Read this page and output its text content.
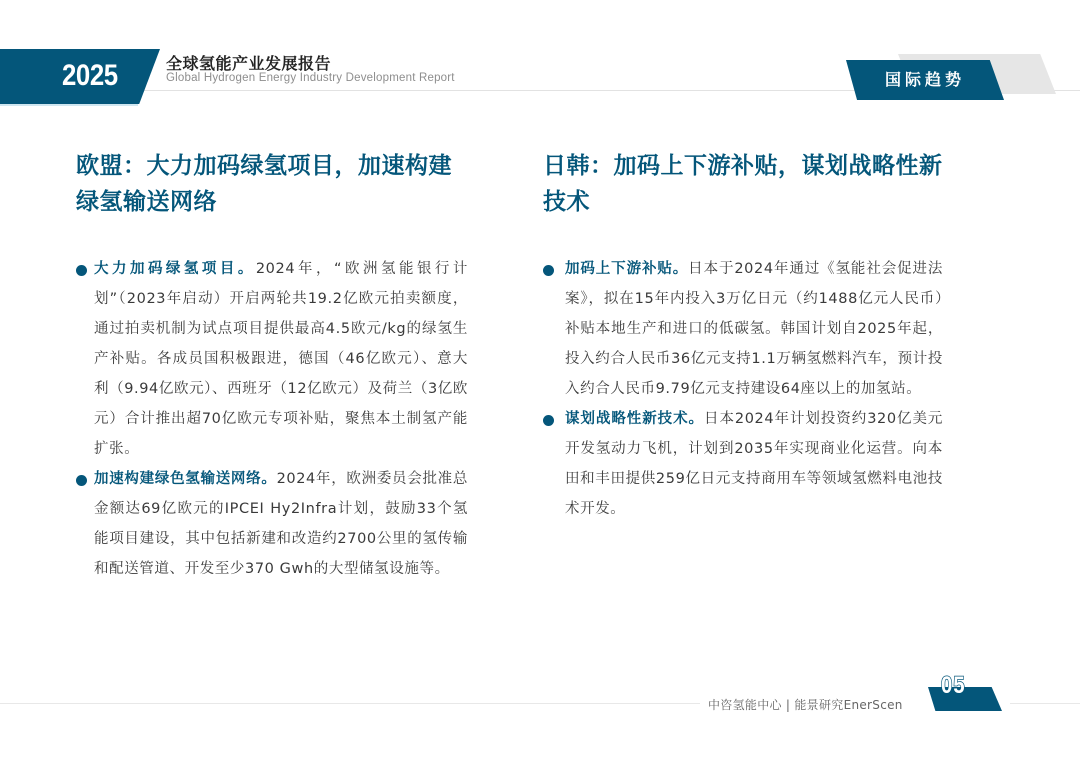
2025	全球氢能产业发展报告
Global Hydrogen Energy Industry Development Report	国际趋势
欧盟：大力加码绿氢项目，加速构建
绿氢输送网络
大力加码绿氢项目。2024年，“欧洲氢能银行计划”（2023年启动）开启两轮共19.2亿欧元拍卖额度，通过拍卖机制为试点项目提供最高4.5欧元/kg的绿氢生产补贴。各成员国积极跟进，德国（46亿欧元）、意大利（9.94亿欧元）、西班牙（12亿欧元）及荷兰（3亿欧元）合计推出超70亿欧元专项补贴，聚焦本土制氢产能扩张。
加速构建绿色氢输送网络。2024年，欧洲委员会批准总金额达69亿欧元的IPCEI Hy2Infra计划，鼓励33个氢能项目建设，其中包括新建和改造约2700公里的氢传输和配送管道、开发至少370 Gwh的大型储氢设施等。
日韩：加码上下游补贴，谋划战略性新
技术
加码上下游补贴。日本于2024年通过《氢能社会促进法案》，拟在15年内投入3万亿日元（约1488亿元人民币）补贴本地生产和进口的低碳氢。韩国计划自2025年起，投入约合人民币36亿元支持1.1万辆氢燃料汽车，预计投入约合人民币9.79亿元支持建设64座以上的加氢站。
谋划战略性新技术。日本2024年计划投资约320亿美元开发氢动力飞机，计划到2035年实现商业化运营。向本田和丰田提供259亿日元支持商用车等领域氢燃料电池技术开发。
中咨氢能中心 | 能景研究EnerScen
05
